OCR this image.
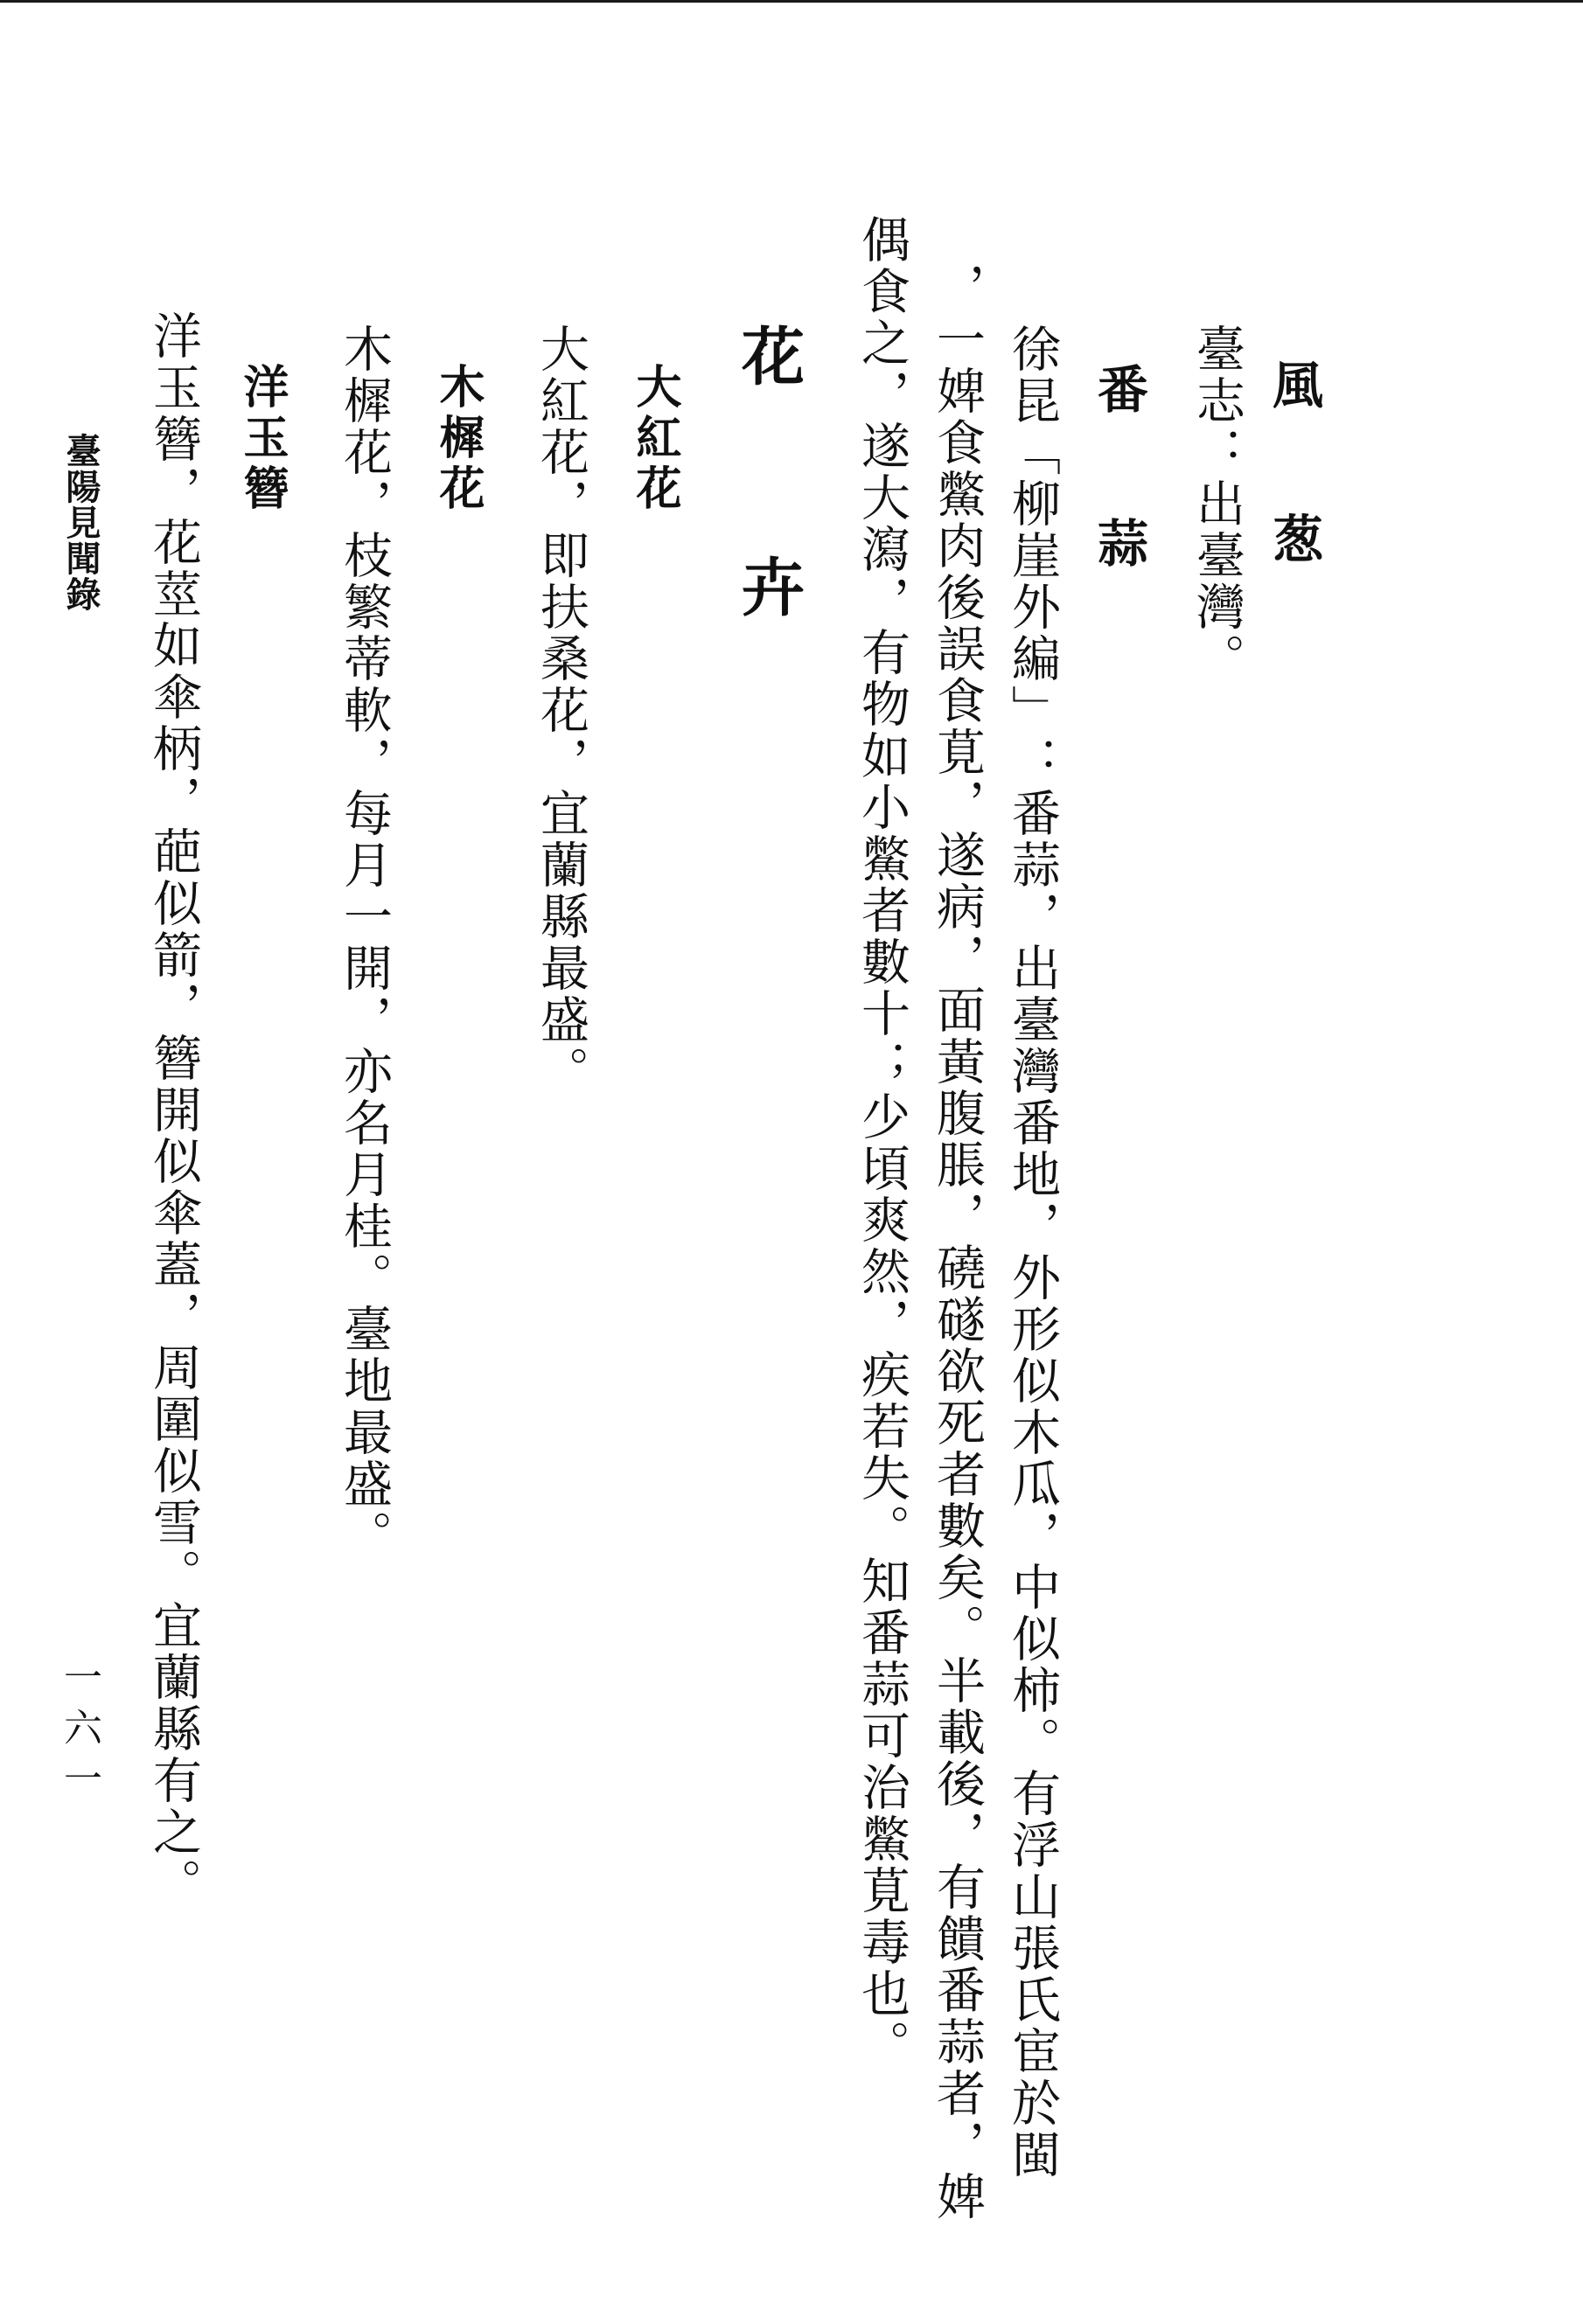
風　葱
臺志：出臺灣。
番　蒜
徐昆「柳崖外編」：番蒜，出臺灣番地，外形似木瓜，中似柿。有浮山張氏宦於閩
，一婢食鱉肉後誤食莧，遂病，面黃腹脹，磽礈欲死者數矣。半載後，有饋番蒜者，婢
偶食之，遂大瀉，有物如小鱉者數十；少頃爽然，疾若失。知番蒜可治鱉莧毒也。
花　卉
大紅花
大紅花，即扶桑花，宜蘭縣最盛。
木樨花
木樨花，枝繁蒂軟，每月一開，亦名月桂。臺地最盛。
洋玉簪
洋玉簪，花莖如傘柄，葩似箭，簪開似傘蓋，周圍似雪。宜蘭縣有之。
臺陽見聞錄
一六一
